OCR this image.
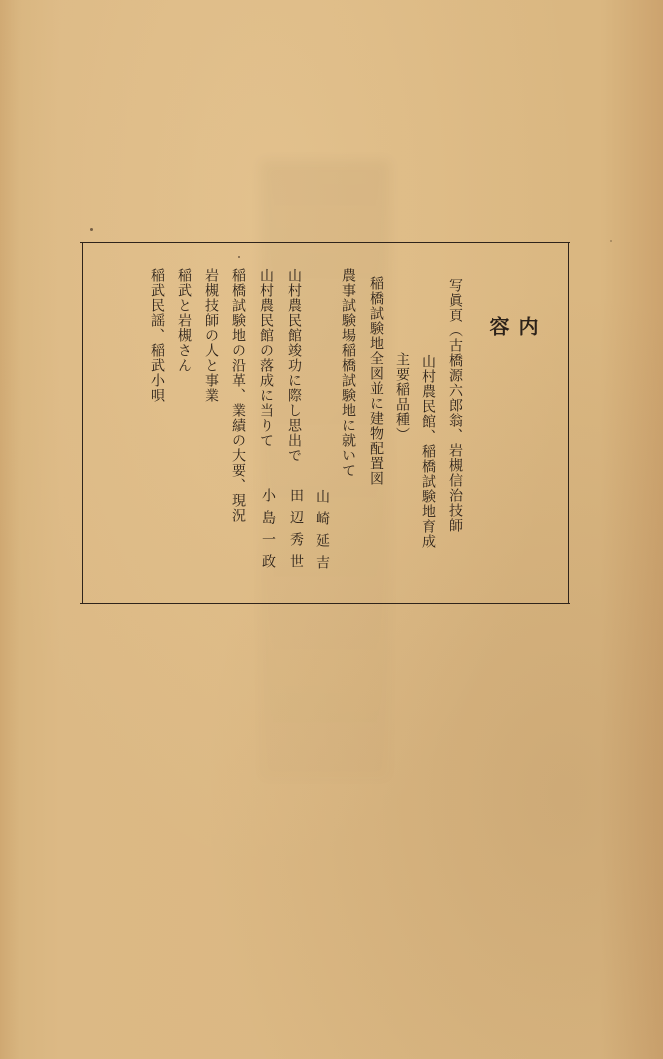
内 容
写眞頁（古橋源六郎翁、岩槻信治技師
山村農民館、稲橋試験地育成
主要稲品種）
稲橋試験地全図並に建物配置図
農事試験場稲橋試験地に就いて
山崎延吉
山村農民館竣功に際し思出で
田辺秀世
山村農民館の落成に当りて
小島一政
稲橋試験地の沿革、業績の大要、現況
岩槻技師の人と事業
稲武と岩槻さん
稲武民謡、稲武小唄
